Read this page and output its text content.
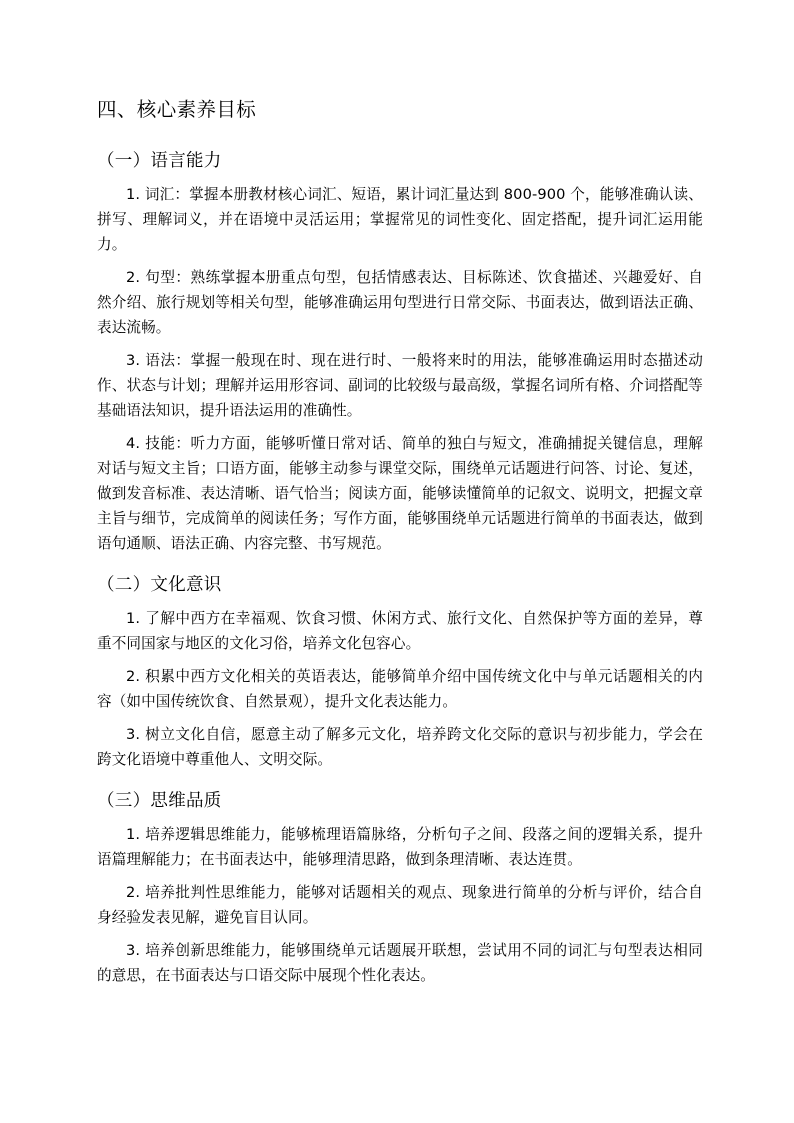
四、核心素养目标
（一）语言能力

1. 词汇：掌握本册教材核心词汇、短语，累计词汇量达到 800-900 个，能够准确认读、拼写、理解词义，并在语境中灵活运用；掌握常见的词性变化、固定搭配，提升词汇运用能力。

2. 句型：熟练掌握本册重点句型，包括情感表达、目标陈述、饮食描述、兴趣爱好、自然介绍、旅行规划等相关句型，能够准确运用句型进行日常交际、书面表达，做到语法正确、表达流畅。

3. 语法：掌握一般现在时、现在进行时、一般将来时的用法，能够准确运用时态描述动作、状态与计划；理解并运用形容词、副词的比较级与最高级，掌握名词所有格、介词搭配等基础语法知识，提升语法运用的准确性。

4. 技能：听力方面，能够听懂日常对话、简单的独白与短文，准确捕捉关键信息，理解对话与短文主旨；口语方面，能够主动参与课堂交际，围绕单元话题进行问答、讨论、复述，做到发音标准、表达清晰、语气恰当；阅读方面，能够读懂简单的记叙文、说明文，把握文章主旨与细节，完成简单的阅读任务；写作方面，能够围绕单元话题进行简单的书面表达，做到语句通顺、语法正确、内容完整、书写规范。

（二）文化意识

1. 了解中西方在幸福观、饮食习惯、休闲方式、旅行文化、自然保护等方面的差异，尊重不同国家与地区的文化习俗，培养文化包容心。

2. 积累中西方文化相关的英语表达，能够简单介绍中国传统文化中与单元话题相关的内容（如中国传统饮食、自然景观），提升文化表达能力。

3. 树立文化自信，愿意主动了解多元文化，培养跨文化交际的意识与初步能力，学会在跨文化语境中尊重他人、文明交际。

（三）思维品质

1. 培养逻辑思维能力，能够梳理语篇脉络，分析句子之间、段落之间的逻辑关系，提升语篇理解能力；在书面表达中，能够理清思路，做到条理清晰、表达连贯。

2. 培养批判性思维能力，能够对话题相关的观点、现象进行简单的分析与评价，结合自身经验发表见解，避免盲目认同。

3. 培养创新思维能力，能够围绕单元话题展开联想，尝试用不同的词汇与句型表达相同的意思，在书面表达与口语交际中展现个性化表达。
